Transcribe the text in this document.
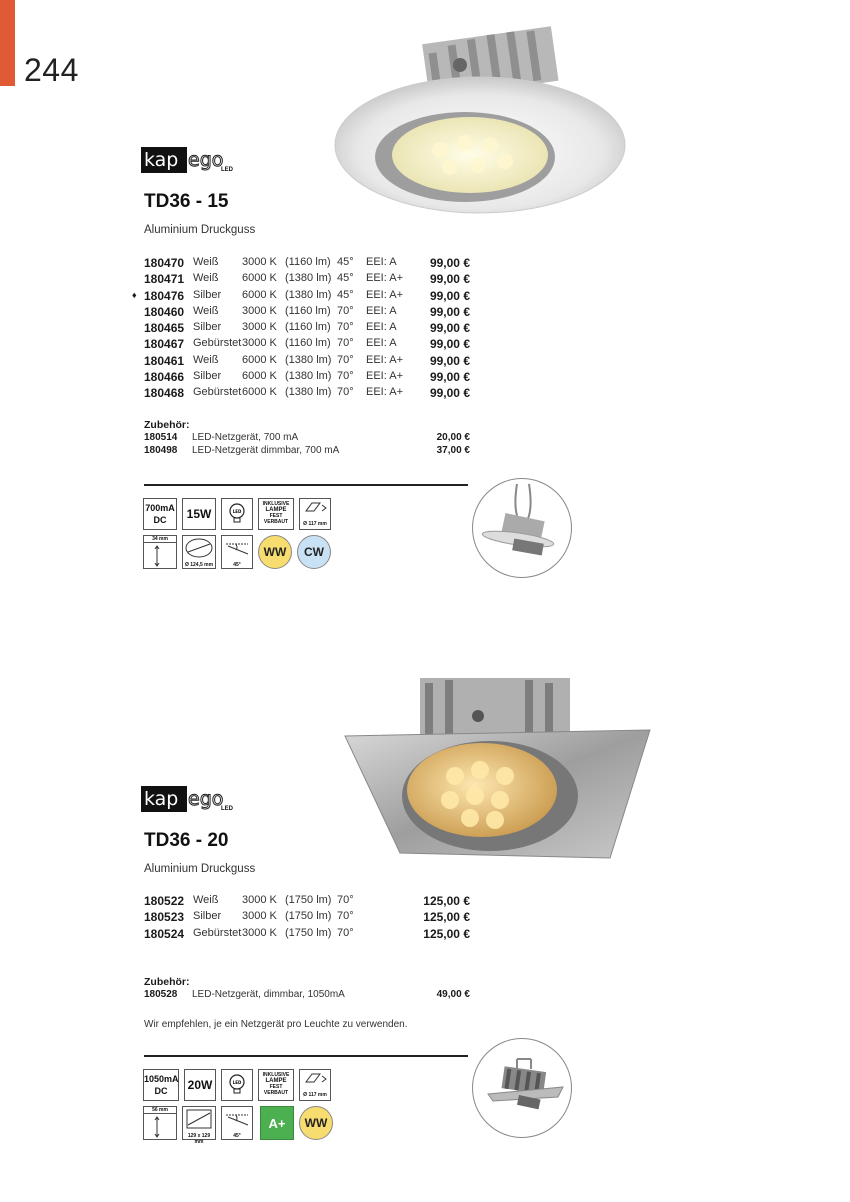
244
kap ego
LED
TD36 - 15
Aluminium Druckguss
180470 Weiß 3000 K (1160 lm) 45° EEI: A	99,00 €
180471 Weiß 6000 K (1380 lm) 45° EEI: A+ 99,00 €
♦ 180476 Silber 6000 K (1380 lm) 45° EEI: A+ 99,00 €
180460 Weiß 3000 K (1160 lm) 70° EEI: A	99,00 €
180465 Silber 3000 K (1160 lm) 70° EEI: A	99,00 €
180467 Gebürstet 3000 K (1160 lm) 70° EEI: A	99,00 €
180461 Weiß 6000 K (1380 lm) 70° EEI: A+ 99,00 €
180466 Silber 6000 K (1380 lm) 70° EEI: A+ 99,00 €
180468 Gebürstet 6000 K (1380 lm) 70° EEI: A+ 99,00 €
Zubehör:
180514 LED-Netzgerät, 700 mA	20,00 €
180498 LED-Netzgerät dimmbar, 700 mA	37,00 €
700mA
DC	15W	LED
INKLUSIVE
LAMPE
FEST VERBAUT	Ø 117 mm
34 mm
Ø 124,5 mm	45°
WW	CW
kap ego
LED
TD36 - 20
Aluminium Druckguss
180522 Weiß 3000 K (1750 lm) 70°	125,00 €
180523 Silber 3000 K (1750 lm) 70°	125,00 €
180524 Gebürstet 3000 K (1750 lm) 70°	125,00 €
Zubehör:
180528 LED-Netzgerät, dimmbar, 1050mA	49,00 €
Wir empfehlen, je ein Netzgerät pro Leuchte zu verwenden.
1050mA
DC	20W	LED
INKLUSIVE
LAMPE
FEST VERBAUT	Ø 117 mm
56 mm
129 x 129 mm
45°
A+	WW
